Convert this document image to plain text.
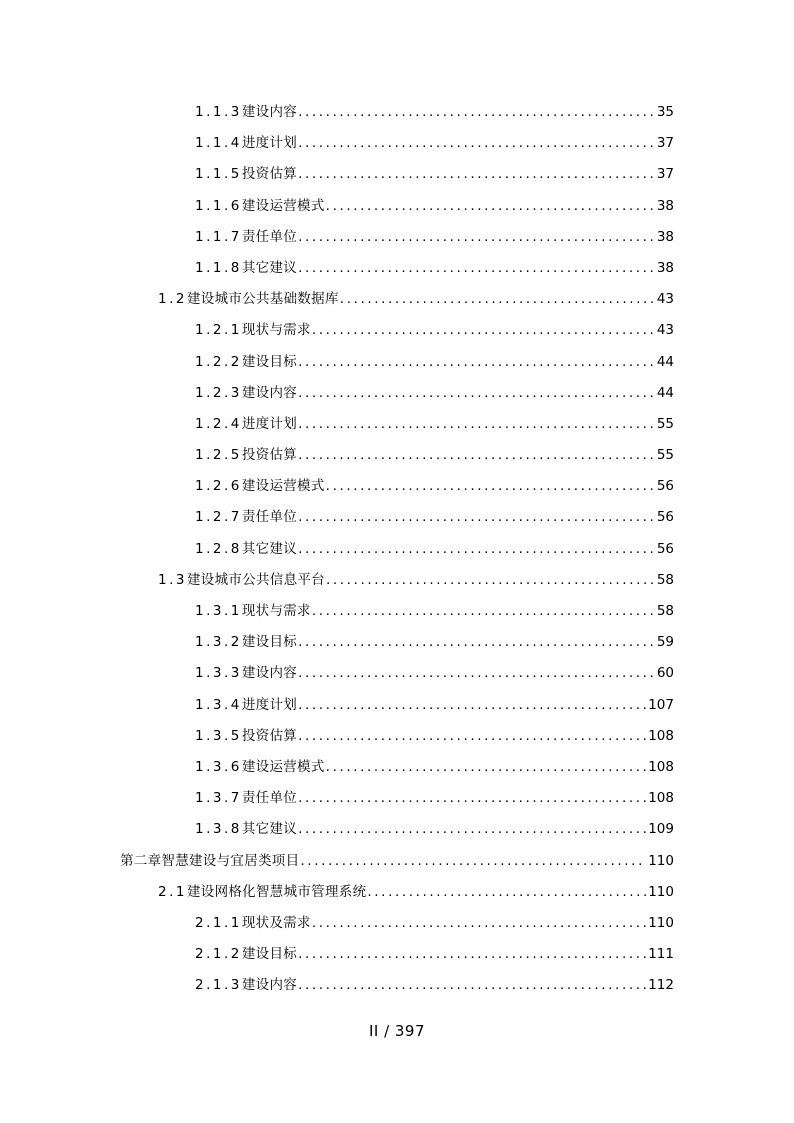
1.1.3 建设内容 .....	35
1.1.4 进度计划 .....	37
1.1.5 投资估算 .....	37
1.1.6 建设运营模式 .....	38
1.1.7 责任单位 .....	38
1.1.8 其它建议 .....	38
1.2 建设城市公共基础数据库 .....	43
1.2.1 现状与需求 .....	43
1.2.2 建设目标 .....	44
1.2.3 建设内容 .....	44
1.2.4 进度计划 .....	55
1.2.5 投资估算 .....	55
1.2.6 建设运营模式 .....	56
1.2.7 责任单位 .....	56
1.2.8 其它建议 .....	56
1.3 建设城市公共信息平台 .....	58
1.3.1 现状与需求 .....	58
1.3.2 建设目标 .....	59
1.3.3 建设内容 .....	60
1.3.4 进度计划 .....	107
1.3.5 投资估算 .....	108
1.3.6 建设运营模式 .....	108
1.3.7 责任单位 .....	108
1.3.8 其它建议 .....	109
第二章智慧建设与宜居类项目 .....	110
2.1 建设网格化智慧城市管理系统 .....	110
2.1.1 现状及需求 .....	110
2.1.2 建设目标 .....	111
2.1.3 建设内容 .....	112
II / 397
